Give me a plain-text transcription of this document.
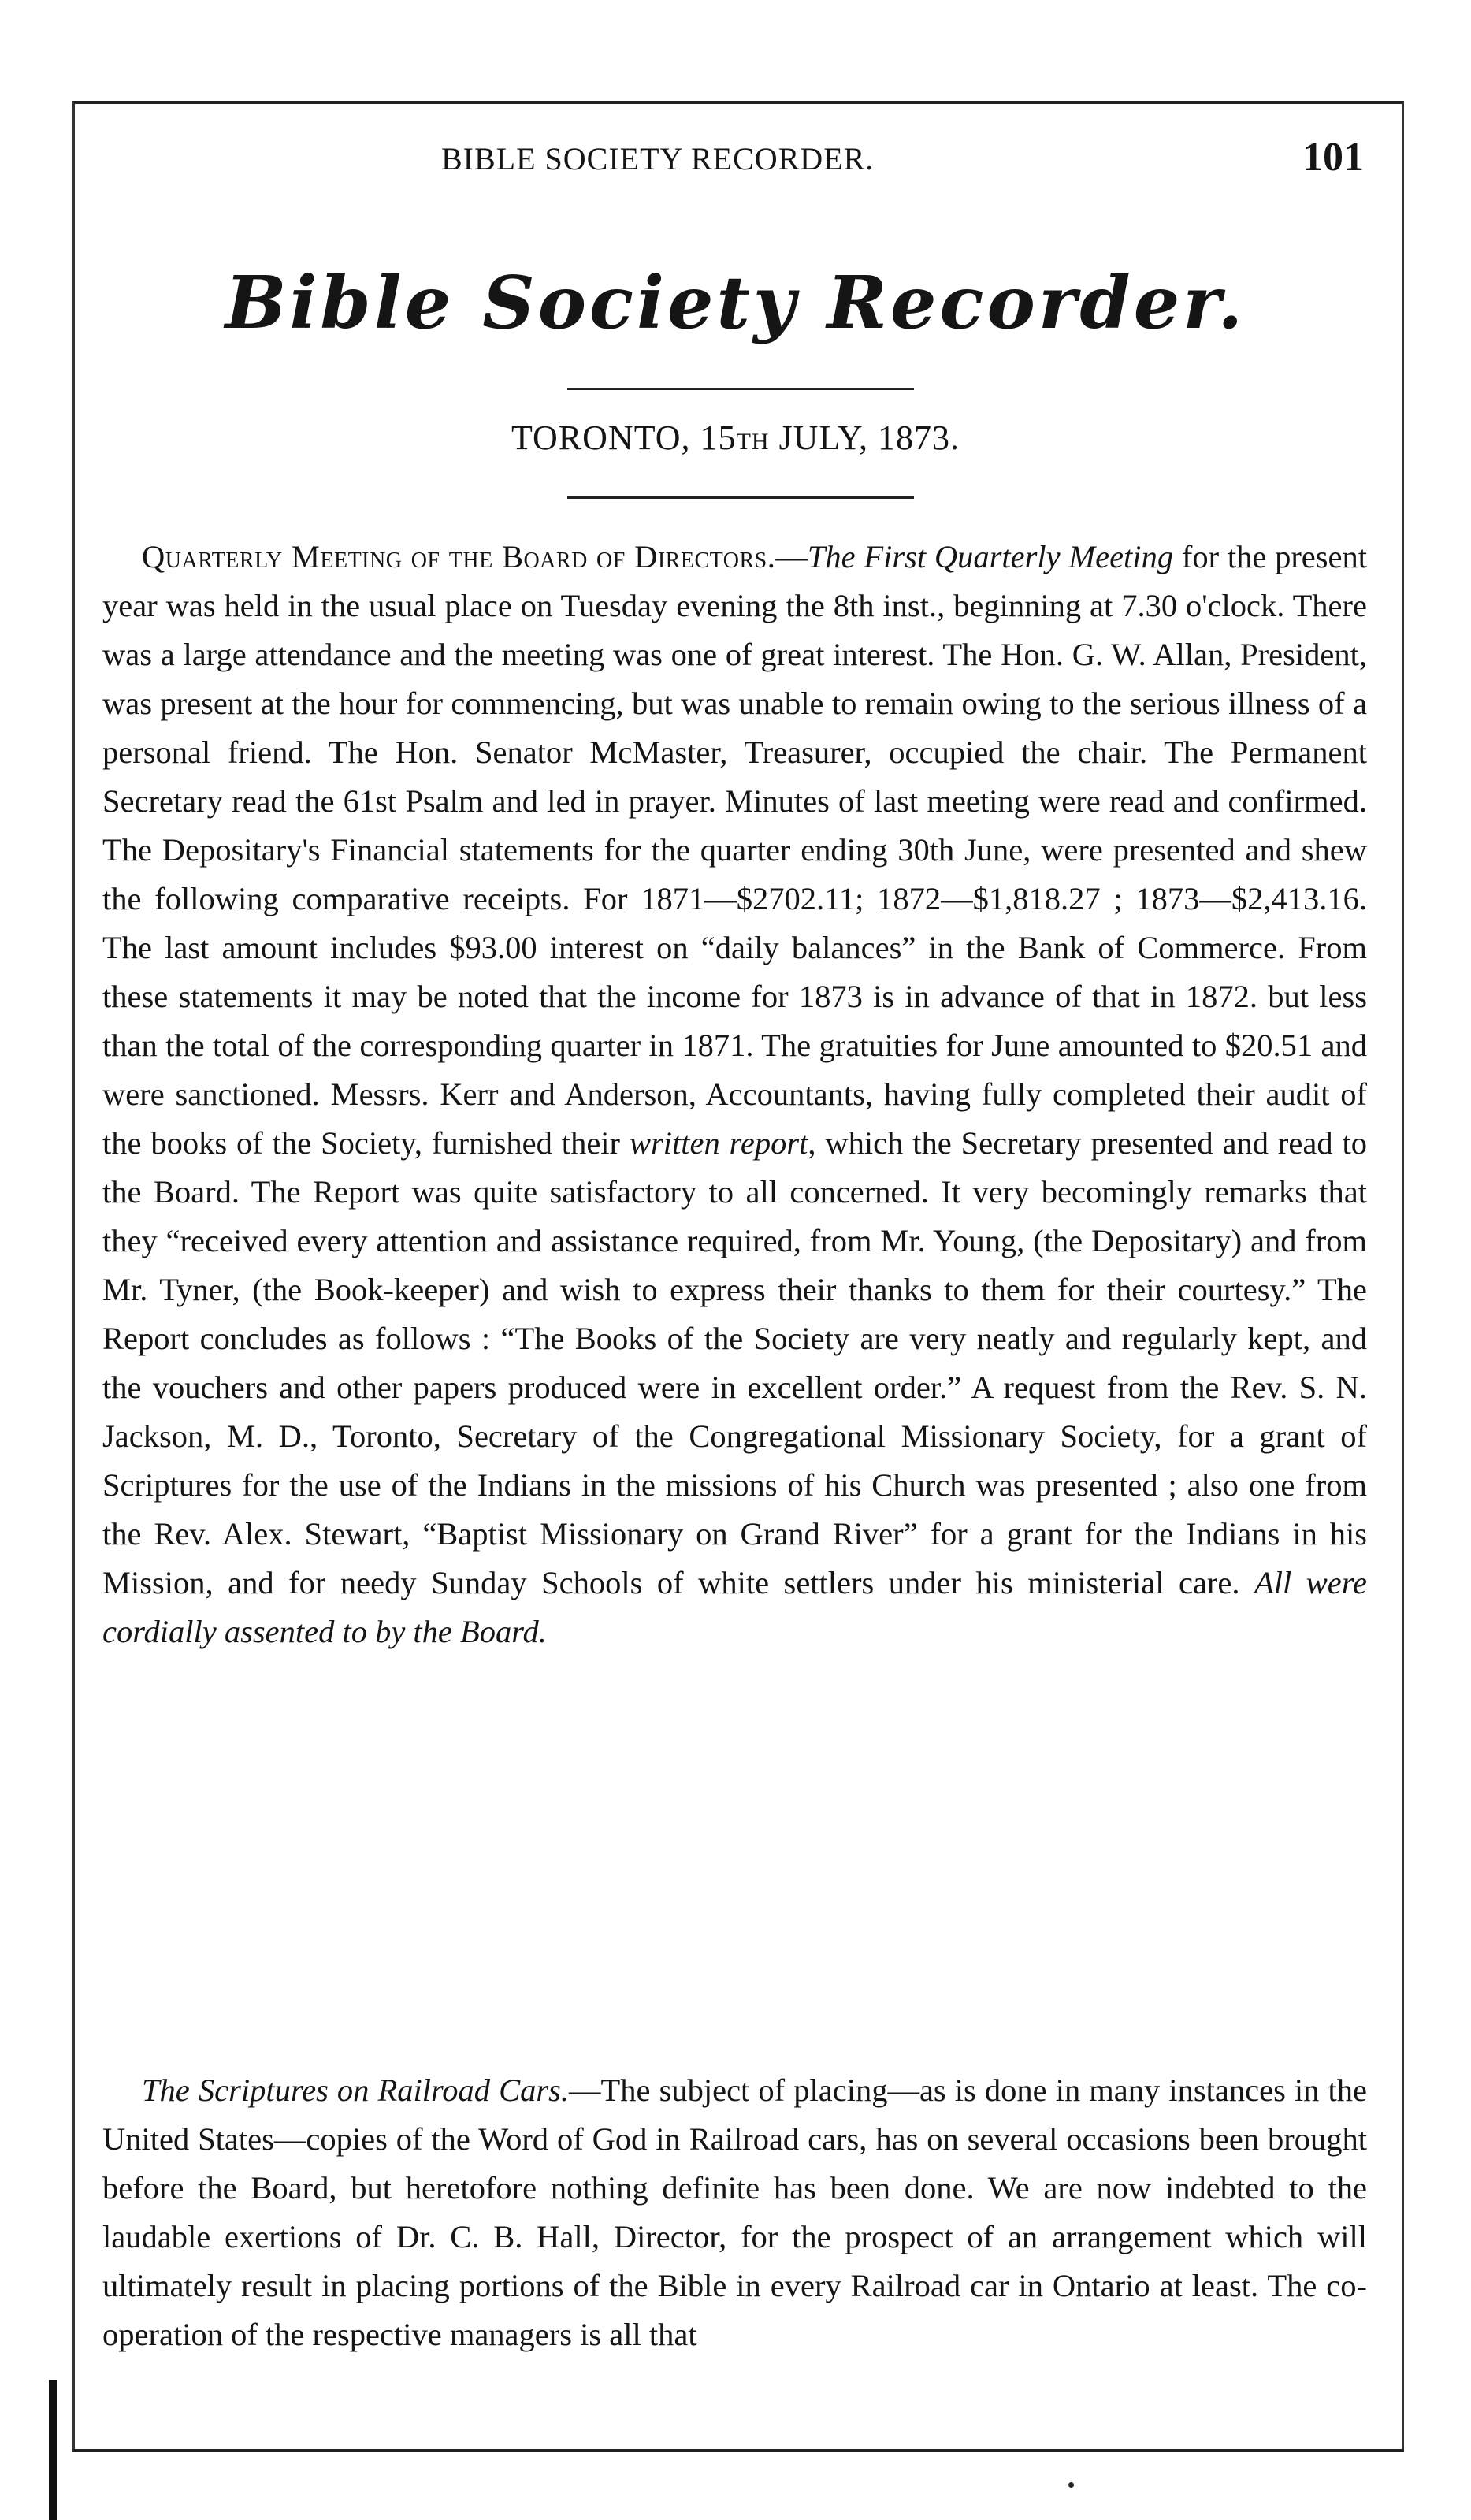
BIBLE SOCIETY RECORDER.	101
Bible Society Recorder.
TORONTO, 15TH JULY, 1873.
Quarterly Meeting of the Board of Directors.—The First Quarterly Meeting for the present year was held in the usual place on Tuesday evening the 8th inst., beginning at 7.30 o'clock. There was a large attendance and the meeting was one of great interest. The Hon. G. W. Allan, President, was present at the hour for commencing, but was unable to remain owing to the serious illness of a personal friend. The Hon. Senator McMaster, Treasurer, occupied the chair. The Permanent Secretary read the 61st Psalm and led in prayer. Minutes of last meeting were read and confirmed. The Depositary's Financial statements for the quarter ending 30th June, were presented and shew the following comparative receipts. For 1871—$2702.11; 1872—$1,818.27 ; 1873—$2,413.16. The last amount includes $93.00 interest on “daily balances” in the Bank of Commerce. From these statements it may be noted that the income for 1873 is in advance of that in 1872. but less than the total of the corresponding quarter in 1871. The gratuities for June amounted to $20.51 and were sanctioned. Messrs. Kerr and Anderson, Accountants, having fully completed their audit of the books of the Society, furnished their written report, which the Secretary presented and read to the Board. The Report was quite satisfactory to all concerned. It very becomingly remarks that they “received every attention and assistance required, from Mr. Young, (the Depositary) and from Mr. Tyner, (the Book-keeper) and wish to express their thanks to them for their courtesy.” The Report concludes as follows : “The Books of the Society are very neatly and regularly kept, and the vouchers and other papers produced were in excellent order.” A request from the Rev. S. N. Jackson, M. D., Toronto, Secretary of the Congregational Missionary Society, for a grant of Scriptures for the use of the Indians in the missions of his Church was presented ; also one from the Rev. Alex. Stewart, “Baptist Missionary on Grand River” for a grant for the Indians in his Mission, and for needy Sunday Schools of white settlers under his ministerial care. All were cordially assented to by the Board.
The Scriptures on Railroad Cars.—The subject of placing—as is done in many instances in the United States—copies of the Word of God in Railroad cars, has on several occasions been brought before the Board, but heretofore nothing definite has been done. We are now indebted to the laudable exertions of Dr. C. B. Hall, Director, for the prospect of an arrangement which will ultimately result in placing portions of the Bible in every Railroad car in Ontario at least. The co-operation of the respective managers is all that
